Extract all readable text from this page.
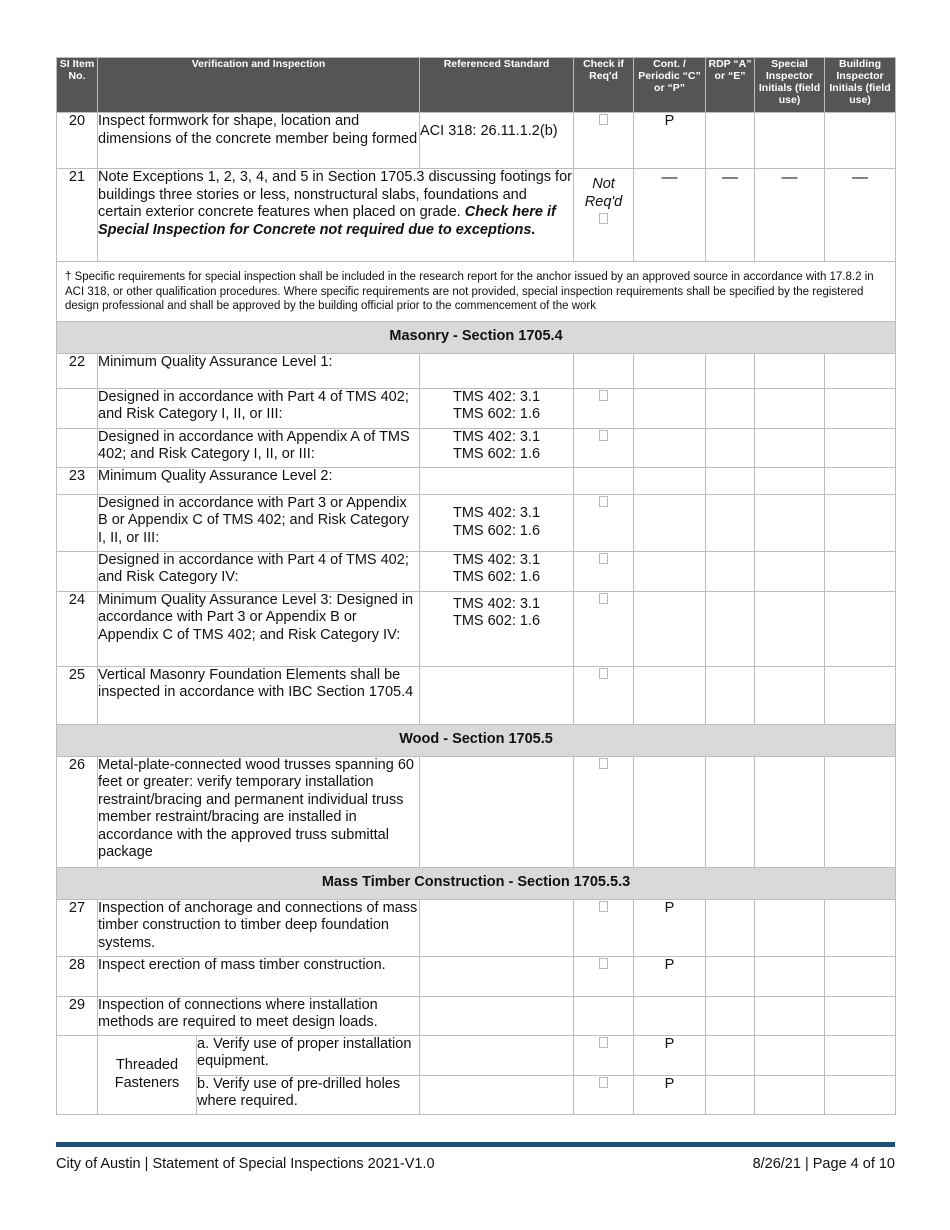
SI Item No.	Verification and Inspection		Referenced Standard	Check if Req'd	Cont. / Periodic “C” or “P”	RDP “A” or “E”	Special Inspector Initials (field use)	Building Inspector Initials (field use)
20	Inspect formwork for shape, location and dimensions of the concrete member being formed		ACI 318: 26.11.1.2(b)		P			
21	Note Exceptions 1, 2, 3, 4, and 5 in Section 1705.3 discussing footings for buildings three stories or less, nonstructural slabs, foundations and certain exterior concrete features when placed on grade. Check here if Special Inspection for Concrete not required due to exceptions.			Not Req'd	—	—	—	—
† Specific requirements for special inspection shall be included in the research report for the anchor issued by an approved source in accordance with 17.8.2 in ACI 318, or other qualification procedures. Where specific requirements are not provided, special inspection requirements shall be specified by the registered design professional and shall be approved by the building official prior to the commencement of the work								
Masonry - Section 1705.4								
22	Minimum Quality Assurance Level 1:							
	Designed in accordance with Part 4 of TMS 402; and Risk Category I, II, or III:		TMS 402: 3.1
TMS 602: 1.6					

	Designed in accordance with Appendix A of TMS 402; and Risk Category I, II, or III:		TMS 402: 3.1
TMS 602: 1.6					

23	Minimum Quality Assurance Level 2:							
	Designed in accordance with Part 3 or Appendix B or Appendix C of TMS 402; and Risk Category I, II, or III:		TMS 402: 3.1
TMS 602: 1.6					

	Designed in accordance with Part 4 of TMS 402; and Risk Category IV:		TMS 402: 3.1
TMS 602: 1.6					

24	Minimum Quality Assurance Level 3: Designed in accordance with Part 3 or Appendix B or Appendix C of TMS 402; and Risk Category IV:		TMS 402: 3.1
TMS 602: 1.6					

25	Vertical Masonry Foundation Elements shall be inspected in accordance with IBC Section 1705.4							
Wood - Section 1705.5								
26	Metal-plate-connected wood trusses spanning 60 feet or greater: verify temporary installation restraint/bracing and permanent individual truss member restraint/bracing are installed in accordance with the approved truss submittal package							
Mass Timber Construction - Section 1705.5.3								
27	Inspection of anchorage and connections of mass timber construction to timber deep foundation systems.				P			
28	Inspect erection of mass timber construction.				P			
29	Inspection of connections where installation methods are required to meet design loads.							
	Threaded Fasteners	a. Verify use of proper installation equipment.			P			
		b. Verify use of pre-drilled holes where required.			P			
City of Austin | Statement of Special Inspections 2021-V1.0	8/26/21 | Page 4 of 10
